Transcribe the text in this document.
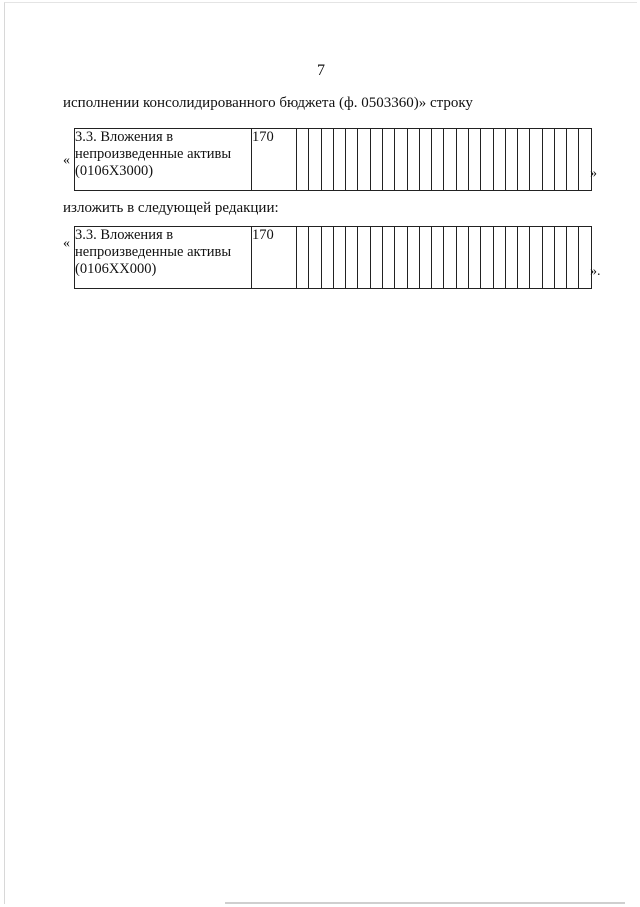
7
исполнении консолидированного бюджета (ф. 0503360)» строку
«
3.3. Вложения в
непроизведенные активы
(0106Х3000)	170																								
»
изложить в следующей редакции:
«
3.3. Вложения в
непроизведенные активы
(0106ХХ000)	170																								
».
